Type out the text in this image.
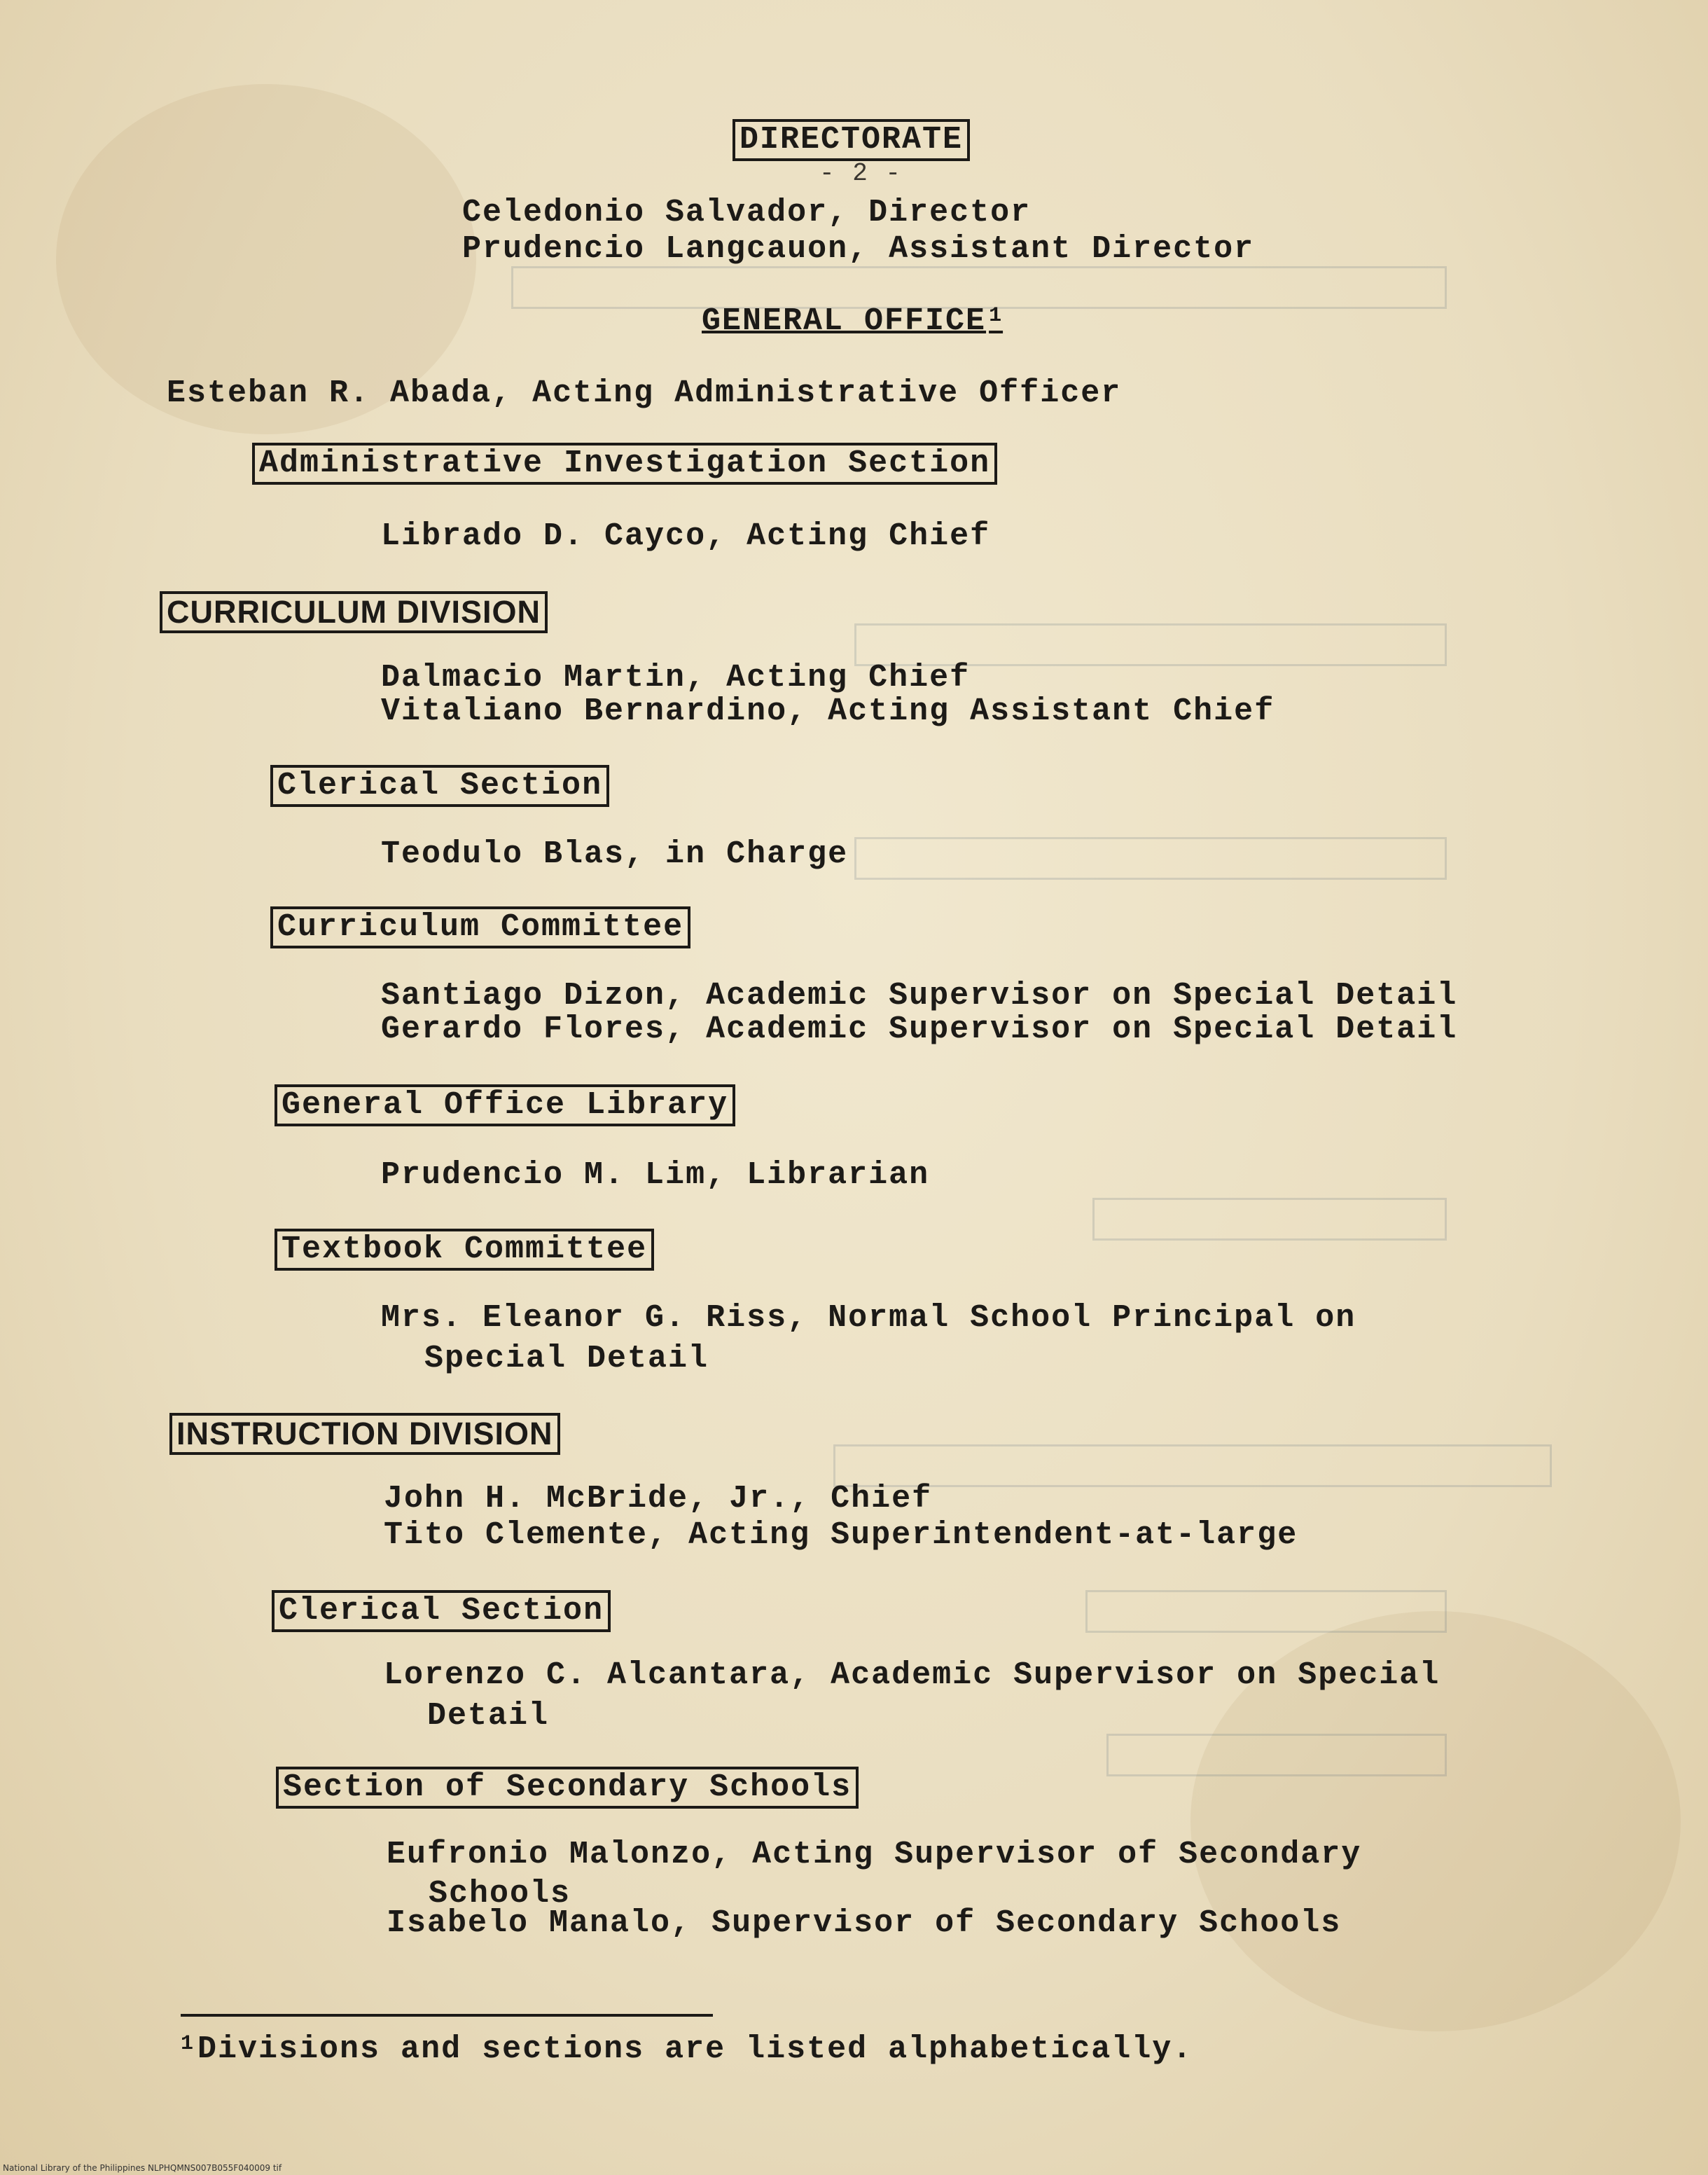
- 2 -
DIRECTORATE
Celedonio Salvador, Director
Prudencio Langcauon, Assistant Director
GENERAL OFFICE $^1$
Esteban R. Abada, Acting Administrative Officer
Administrative Investigation Section
Librado D. Cayco, Acting Chief
CURRICULUM DIVISION
Dalmacio Martin, Acting Chief
Vitaliano Bernardino, Acting Assistant Chief
Clerical Section
Teodulo Blas, in Charge
Curriculum Committee
Santiago Dizon, Academic Supervisor on Special Detail
Gerardo Flores, Academic Supervisor on Special Detail
General Office Library
Prudencio M. Lim, Librarian
Textbook Committee
Mrs. Eleanor G. Riss, Normal School Principal on
Special Detail
INSTRUCTION DIVISION
John H. McBride, Jr., Chief
Tito Clemente, Acting Superintendent-at-large
Clerical Section
Lorenzo C. Alcantara, Academic Supervisor on Special
Detail
Section of Secondary Schools
Eufronio Malonzo, Acting Supervisor of Secondary
Schools
Isabelo Manalo, Supervisor of Secondary Schools
$^1$Divisions and sections are listed alphabetically.
National Library of the Philippines NLPHQMNS007B055F040009 tif
